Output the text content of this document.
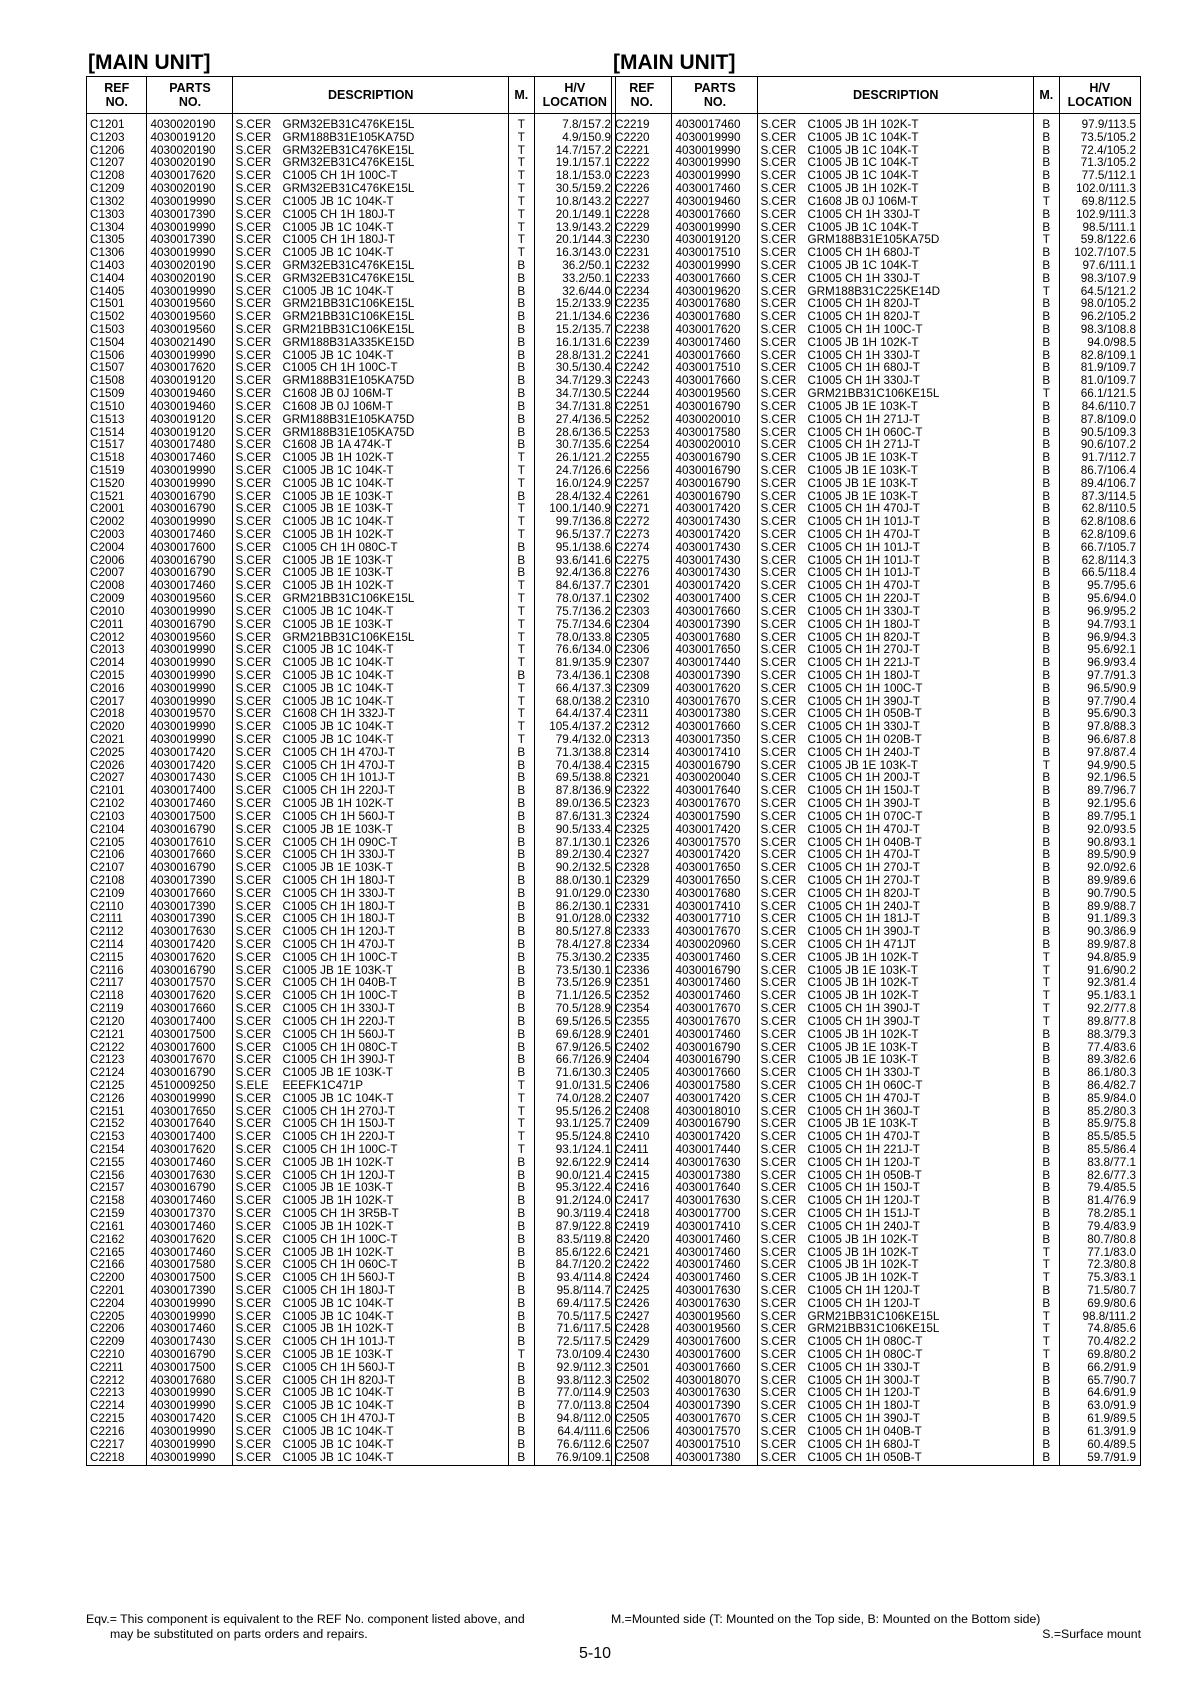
[MAIN UNIT]
REF
NO.	PARTS
NO.	DESCRIPTION	M.	H/V
LOCATION
C1201	4030020190	S.CER GRM32EB31C476KE15L	T	7.8/157.2
C1203	4030019120	S.CER GRM188B31E105KA75D	T	4.9/150.9
C1206	4030020190	S.CER GRM32EB31C476KE15L	T	14.7/157.2
C1207	4030020190	S.CER GRM32EB31C476KE15L	T	19.1/157.1
C1208	4030017620	S.CER C1005 CH 1H 100C-T	T	18.1/153.0
C1209	4030020190	S.CER GRM32EB31C476KE15L	T	30.5/159.2
C1302	4030019990	S.CER C1005 JB 1C 104K-T	T	10.8/143.2
C1303	4030017390	S.CER C1005 CH 1H 180J-T	T	20.1/149.1
C1304	4030019990	S.CER C1005 JB 1C 104K-T	T	13.9/143.2
C1305	4030017390	S.CER C1005 CH 1H 180J-T	T	20.1/144.3
C1306	4030019990	S.CER C1005 JB 1C 104K-T	T	16.3/143.0
C1403	4030020190	S.CER GRM32EB31C476KE15L	B	36.2/50.1
C1404	4030020190	S.CER GRM32EB31C476KE15L	B	33.2/50.1
C1405	4030019990	S.CER C1005 JB 1C 104K-T	B	32.6/44.0
C1501	4030019560	S.CER GRM21BB31C106KE15L	B	15.2/133.9
C1502	4030019560	S.CER GRM21BB31C106KE15L	B	21.1/134.6
C1503	4030019560	S.CER GRM21BB31C106KE15L	B	15.2/135.7
C1504	4030021490	S.CER GRM188B31A335KE15D	B	16.1/131.6
C1506	4030019990	S.CER C1005 JB 1C 104K-T	B	28.8/131.2
C1507	4030017620	S.CER C1005 CH 1H 100C-T	B	30.5/130.4
C1508	4030019120	S.CER GRM188B31E105KA75D	B	34.7/129.3
C1509	4030019460	S.CER C1608 JB 0J 106M-T	B	34.7/130.5
C1510	4030019460	S.CER C1608 JB 0J 106M-T	B	34.7/131.8
C1513	4030019120	S.CER GRM188B31E105KA75D	B	27.4/136.5
C1514	4030019120	S.CER GRM188B31E105KA75D	B	28.6/136.5
C1517	4030017480	S.CER C1608 JB 1A 474K-T	B	30.7/135.6
C1518	4030017460	S.CER C1005 JB 1H 102K-T	T	26.1/121.2
C1519	4030019990	S.CER C1005 JB 1C 104K-T	T	24.7/126.6
C1520	4030019990	S.CER C1005 JB 1C 104K-T	T	16.0/124.9
C1521	4030016790	S.CER C1005 JB 1E 103K-T	B	28.4/132.4
C2001	4030016790	S.CER C1005 JB 1E 103K-T	T	100.1/140.9
C2002	4030019990	S.CER C1005 JB 1C 104K-T	T	99.7/136.8
C2003	4030017460	S.CER C1005 JB 1H 102K-T	T	96.5/137.7
C2004	4030017600	S.CER C1005 CH 1H 080C-T	B	95.1/138.6
C2006	4030016790	S.CER C1005 JB 1E 103K-T	B	93.6/141.6
C2007	4030016790	S.CER C1005 JB 1E 103K-T	B	92.4/136.8
C2008	4030017460	S.CER C1005 JB 1H 102K-T	T	84.6/137.7
C2009	4030019560	S.CER GRM21BB31C106KE15L	T	78.0/137.1
C2010	4030019990	S.CER C1005 JB 1C 104K-T	T	75.7/136.2
C2011	4030016790	S.CER C1005 JB 1E 103K-T	T	75.7/134.6
C2012	4030019560	S.CER GRM21BB31C106KE15L	T	78.0/133.8
C2013	4030019990	S.CER C1005 JB 1C 104K-T	T	76.6/134.0
C2014	4030019990	S.CER C1005 JB 1C 104K-T	T	81.9/135.9
C2015	4030019990	S.CER C1005 JB 1C 104K-T	B	73.4/136.1
C2016	4030019990	S.CER C1005 JB 1C 104K-T	T	66.4/137.3
C2017	4030019990	S.CER C1005 JB 1C 104K-T	T	68.0/138.2
C2018	4030019570	S.CER C1608 CH 1H 332J-T	T	64.4/137.4
C2020	4030019990	S.CER C1005 JB 1C 104K-T	T	105.4/137.2
C2021	4030019990	S.CER C1005 JB 1C 104K-T	T	79.4/132.0
C2025	4030017420	S.CER C1005 CH 1H 470J-T	B	71.3/138.8
C2026	4030017420	S.CER C1005 CH 1H 470J-T	B	70.4/138.4
C2027	4030017430	S.CER C1005 CH 1H 101J-T	B	69.5/138.8
C2101	4030017400	S.CER C1005 CH 1H 220J-T	B	87.8/136.9
C2102	4030017460	S.CER C1005 JB 1H 102K-T	B	89.0/136.5
C2103	4030017500	S.CER C1005 CH 1H 560J-T	B	87.6/131.3
C2104	4030016790	S.CER C1005 JB 1E 103K-T	B	90.5/133.4
C2105	4030017610	S.CER C1005 CH 1H 090C-T	B	87.1/130.1
C2106	4030017660	S.CER C1005 CH 1H 330J-T	B	89.2/130.4
C2107	4030016790	S.CER C1005 JB 1E 103K-T	B	90.2/132.5
C2108	4030017390	S.CER C1005 CH 1H 180J-T	B	88.0/130.1
C2109	4030017660	S.CER C1005 CH 1H 330J-T	B	91.0/129.0
C2110	4030017390	S.CER C1005 CH 1H 180J-T	B	86.2/130.1
C2111	4030017390	S.CER C1005 CH 1H 180J-T	B	91.0/128.0
C2112	4030017630	S.CER C1005 CH 1H 120J-T	B	80.5/127.8
C2114	4030017420	S.CER C1005 CH 1H 470J-T	B	78.4/127.8
C2115	4030017620	S.CER C1005 CH 1H 100C-T	B	75.3/130.2
C2116	4030016790	S.CER C1005 JB 1E 103K-T	B	73.5/130.1
C2117	4030017570	S.CER C1005 CH 1H 040B-T	B	73.5/126.9
C2118	4030017620	S.CER C1005 CH 1H 100C-T	B	71.1/126.5
C2119	4030017660	S.CER C1005 CH 1H 330J-T	B	70.5/128.9
C2120	4030017400	S.CER C1005 CH 1H 220J-T	B	69.5/126.5
C2121	4030017500	S.CER C1005 CH 1H 560J-T	B	69.6/128.9
C2122	4030017600	S.CER C1005 CH 1H 080C-T	B	67.9/126.5
C2123	4030017670	S.CER C1005 CH 1H 390J-T	B	66.7/126.9
C2124	4030016790	S.CER C1005 JB 1E 103K-T	B	71.6/130.3
C2125	4510009250	S.ELE EEEFK1C471P	T	91.0/131.5
C2126	4030019990	S.CER C1005 JB 1C 104K-T	T	74.0/128.2
C2151	4030017650	S.CER C1005 CH 1H 270J-T	T	95.5/126.2
C2152	4030017640	S.CER C1005 CH 1H 150J-T	T	93.1/125.7
C2153	4030017400	S.CER C1005 CH 1H 220J-T	T	95.5/124.8
C2154	4030017620	S.CER C1005 CH 1H 100C-T	T	93.1/124.1
C2155	4030017460	S.CER C1005 JB 1H 102K-T	B	92.6/122.9
C2156	4030017630	S.CER C1005 CH 1H 120J-T	B	90.0/121.4
C2157	4030016790	S.CER C1005 JB 1E 103K-T	B	95.3/122.4
C2158	4030017460	S.CER C1005 JB 1H 102K-T	B	91.2/124.0
C2159	4030017370	S.CER C1005 CH 1H 3R5B-T	B	90.3/119.4
C2161	4030017460	S.CER C1005 JB 1H 102K-T	B	87.9/122.8
C2162	4030017620	S.CER C1005 CH 1H 100C-T	B	83.5/119.8
C2165	4030017460	S.CER C1005 JB 1H 102K-T	B	85.6/122.6
C2166	4030017580	S.CER C1005 CH 1H 060C-T	B	84.7/120.2
C2200	4030017500	S.CER C1005 CH 1H 560J-T	B	93.4/114.8
C2201	4030017390	S.CER C1005 CH 1H 180J-T	B	95.8/114.7
C2204	4030019990	S.CER C1005 JB 1C 104K-T	B	69.4/117.5
C2205	4030019990	S.CER C1005 JB 1C 104K-T	B	70.5/117.5
C2206	4030017460	S.CER C1005 JB 1H 102K-T	B	71.6/117.5
C2209	4030017430	S.CER C1005 CH 1H 101J-T	B	72.5/117.5
C2210	4030016790	S.CER C1005 JB 1E 103K-T	T	73.0/109.4
C2211	4030017500	S.CER C1005 CH 1H 560J-T	B	92.9/112.3
C2212	4030017680	S.CER C1005 CH 1H 820J-T	B	93.8/112.3
C2213	4030019990	S.CER C1005 JB 1C 104K-T	B	77.0/114.9
C2214	4030019990	S.CER C1005 JB 1C 104K-T	B	77.0/113.8
C2215	4030017420	S.CER C1005 CH 1H 470J-T	B	94.8/112.0
C2216	4030019990	S.CER C1005 JB 1C 104K-T	B	64.4/111.6
C2217	4030019990	S.CER C1005 JB 1C 104K-T	B	76.6/112.6
C2218	4030019990	S.CER C1005 JB 1C 104K-T	B	76.9/109.1
[MAIN UNIT]
REF
NO.	PARTS
NO.	DESCRIPTION	M.	H/V
LOCATION
C2219	4030017460	S.CER C1005 JB 1H 102K-T	B	97.9/113.5
C2220	4030019990	S.CER C1005 JB 1C 104K-T	B	73.5/105.2
C2221	4030019990	S.CER C1005 JB 1C 104K-T	B	72.4/105.2
C2222	4030019990	S.CER C1005 JB 1C 104K-T	B	71.3/105.2
C2223	4030019990	S.CER C1005 JB 1C 104K-T	B	77.5/112.1
C2226	4030017460	S.CER C1005 JB 1H 102K-T	B	102.0/111.3
C2227	4030019460	S.CER C1608 JB 0J 106M-T	T	69.8/112.5
C2228	4030017660	S.CER C1005 CH 1H 330J-T	B	102.9/111.3
C2229	4030019990	S.CER C1005 JB 1C 104K-T	B	98.5/111.1
C2230	4030019120	S.CER GRM188B31E105KA75D	T	59.8/122.6
C2231	4030017510	S.CER C1005 CH 1H 680J-T	B	102.7/107.5
C2232	4030019990	S.CER C1005 JB 1C 104K-T	B	97.6/111.1
C2233	4030017660	S.CER C1005 CH 1H 330J-T	B	98.3/107.9
C2234	4030019620	S.CER GRM188B31C225KE14D	T	64.5/121.2
C2235	4030017680	S.CER C1005 CH 1H 820J-T	B	98.0/105.2
C2236	4030017680	S.CER C1005 CH 1H 820J-T	B	96.2/105.2
C2238	4030017620	S.CER C1005 CH 1H 100C-T	B	98.3/108.8
C2239	4030017460	S.CER C1005 JB 1H 102K-T	B	94.0/98.5
C2241	4030017660	S.CER C1005 CH 1H 330J-T	B	82.8/109.1
C2242	4030017510	S.CER C1005 CH 1H 680J-T	B	81.9/109.7
C2243	4030017660	S.CER C1005 CH 1H 330J-T	B	81.0/109.7
C2244	4030019560	S.CER GRM21BB31C106KE15L	T	66.1/121.5
C2251	4030016790	S.CER C1005 JB 1E 103K-T	B	84.6/110.7
C2252	4030020010	S.CER C1005 CH 1H 271J-T	B	87.8/109.0
C2253	4030017580	S.CER C1005 CH 1H 060C-T	B	90.5/109.3
C2254	4030020010	S.CER C1005 CH 1H 271J-T	B	90.6/107.2
C2255	4030016790	S.CER C1005 JB 1E 103K-T	B	91.7/112.7
C2256	4030016790	S.CER C1005 JB 1E 103K-T	B	86.7/106.4
C2257	4030016790	S.CER C1005 JB 1E 103K-T	B	89.4/106.7
C2261	4030016790	S.CER C1005 JB 1E 103K-T	B	87.3/114.5
C2271	4030017420	S.CER C1005 CH 1H 470J-T	B	62.8/110.5
C2272	4030017430	S.CER C1005 CH 1H 101J-T	B	62.8/108.6
C2273	4030017420	S.CER C1005 CH 1H 470J-T	B	62.8/109.6
C2274	4030017430	S.CER C1005 CH 1H 101J-T	B	66.7/105.7
C2275	4030017430	S.CER C1005 CH 1H 101J-T	B	62.8/114.3
C2276	4030017430	S.CER C1005 CH 1H 101J-T	B	66.5/118.4
C2301	4030017420	S.CER C1005 CH 1H 470J-T	B	95.7/95.6
C2302	4030017400	S.CER C1005 CH 1H 220J-T	B	95.6/94.0
C2303	4030017660	S.CER C1005 CH 1H 330J-T	B	96.9/95.2
C2304	4030017390	S.CER C1005 CH 1H 180J-T	B	94.7/93.1
C2305	4030017680	S.CER C1005 CH 1H 820J-T	B	96.9/94.3
C2306	4030017650	S.CER C1005 CH 1H 270J-T	B	95.6/92.1
C2307	4030017440	S.CER C1005 CH 1H 221J-T	B	96.9/93.4
C2308	4030017390	S.CER C1005 CH 1H 180J-T	B	97.7/91.3
C2309	4030017620	S.CER C1005 CH 1H 100C-T	B	96.5/90.9
C2310	4030017670	S.CER C1005 CH 1H 390J-T	B	97.7/90.4
C2311	4030017380	S.CER C1005 CH 1H 050B-T	B	95.6/90.3
C2312	4030017660	S.CER C1005 CH 1H 330J-T	B	97.8/88.3
C2313	4030017350	S.CER C1005 CH 1H 020B-T	B	96.6/87.8
C2314	4030017410	S.CER C1005 CH 1H 240J-T	B	97.8/87.4
C2315	4030016790	S.CER C1005 JB 1E 103K-T	T	94.9/90.5
C2321	4030020040	S.CER C1005 CH 1H 200J-T	B	92.1/96.5
C2322	4030017640	S.CER C1005 CH 1H 150J-T	B	89.7/96.7
C2323	4030017670	S.CER C1005 CH 1H 390J-T	B	92.1/95.6
C2324	4030017590	S.CER C1005 CH 1H 070C-T	B	89.7/95.1
C2325	4030017420	S.CER C1005 CH 1H 470J-T	B	92.0/93.5
C2326	4030017570	S.CER C1005 CH 1H 040B-T	B	90.8/93.1
C2327	4030017420	S.CER C1005 CH 1H 470J-T	B	89.5/90.9
C2328	4030017650	S.CER C1005 CH 1H 270J-T	B	92.0/92.6
C2329	4030017650	S.CER C1005 CH 1H 270J-T	B	89.9/89.6
C2330	4030017680	S.CER C1005 CH 1H 820J-T	B	90.7/90.5
C2331	4030017410	S.CER C1005 CH 1H 240J-T	B	89.9/88.7
C2332	4030017710	S.CER C1005 CH 1H 181J-T	B	91.1/89.3
C2333	4030017670	S.CER C1005 CH 1H 390J-T	B	90.3/86.9
C2334	4030020960	S.CER C1005 CH 1H 471JT	B	89.9/87.8
C2335	4030017460	S.CER C1005 JB 1H 102K-T	T	94.8/85.9
C2336	4030016790	S.CER C1005 JB 1E 103K-T	T	91.6/90.2
C2351	4030017460	S.CER C1005 JB 1H 102K-T	T	92.3/81.4
C2352	4030017460	S.CER C1005 JB 1H 102K-T	T	95.1/83.1
C2354	4030017670	S.CER C1005 CH 1H 390J-T	T	92.2/77.8
C2355	4030017670	S.CER C1005 CH 1H 390J-T	T	89.8/77.8
C2401	4030017460	S.CER C1005 JB 1H 102K-T	B	88.3/79.3
C2402	4030016790	S.CER C1005 JB 1E 103K-T	B	77.4/83.6
C2404	4030016790	S.CER C1005 JB 1E 103K-T	B	89.3/82.6
C2405	4030017660	S.CER C1005 CH 1H 330J-T	B	86.1/80.3
C2406	4030017580	S.CER C1005 CH 1H 060C-T	B	86.4/82.7
C2407	4030017420	S.CER C1005 CH 1H 470J-T	B	85.9/84.0
C2408	4030018010	S.CER C1005 CH 1H 360J-T	B	85.2/80.3
C2409	4030016790	S.CER C1005 JB 1E 103K-T	B	85.9/75.8
C2410	4030017420	S.CER C1005 CH 1H 470J-T	B	85.5/85.5
C2411	4030017440	S.CER C1005 CH 1H 221J-T	B	85.5/86.4
C2414	4030017630	S.CER C1005 CH 1H 120J-T	B	83.8/77.1
C2415	4030017380	S.CER C1005 CH 1H 050B-T	B	82.6/77.3
C2416	4030017640	S.CER C1005 CH 1H 150J-T	B	79.4/85.5
C2417	4030017630	S.CER C1005 CH 1H 120J-T	B	81.4/76.9
C2418	4030017700	S.CER C1005 CH 1H 151J-T	B	78.2/85.1
C2419	4030017410	S.CER C1005 CH 1H 240J-T	B	79.4/83.9
C2420	4030017460	S.CER C1005 JB 1H 102K-T	B	80.7/80.8
C2421	4030017460	S.CER C1005 JB 1H 102K-T	T	77.1/83.0
C2422	4030017460	S.CER C1005 JB 1H 102K-T	T	72.3/80.8
C2424	4030017460	S.CER C1005 JB 1H 102K-T	T	75.3/83.1
C2425	4030017630	S.CER C1005 CH 1H 120J-T	B	71.5/80.7
C2426	4030017630	S.CER C1005 CH 1H 120J-T	B	69.9/80.6
C2427	4030019560	S.CER GRM21BB31C106KE15L	T	98.8/111.2
C2428	4030019560	S.CER GRM21BB31C106KE15L	T	74.8/85.6
C2429	4030017600	S.CER C1005 CH 1H 080C-T	T	70.4/82.2
C2430	4030017600	S.CER C1005 CH 1H 080C-T	T	69.8/80.2
C2501	4030017660	S.CER C1005 CH 1H 330J-T	B	66.2/91.9
C2502	4030018070	S.CER C1005 CH 1H 300J-T	B	65.7/90.7
C2503	4030017630	S.CER C1005 CH 1H 120J-T	B	64.6/91.9
C2504	4030017390	S.CER C1005 CH 1H 180J-T	B	63.0/91.9
C2505	4030017670	S.CER C1005 CH 1H 390J-T	B	61.9/89.5
C2506	4030017570	S.CER C1005 CH 1H 040B-T	B	61.3/91.9
C2507	4030017510	S.CER C1005 CH 1H 680J-T	B	60.4/89.5
C2508	4030017380	S.CER C1005 CH 1H 050B-T	B	59.7/91.9
Eqv.= This component is equivalent to the REF No. component listed above, and
may be substituted on parts orders and repairs.
M.=Mounted side (T: Mounted on the Top side, B: Mounted on the Bottom side)
S.=Surface mount
5-10
